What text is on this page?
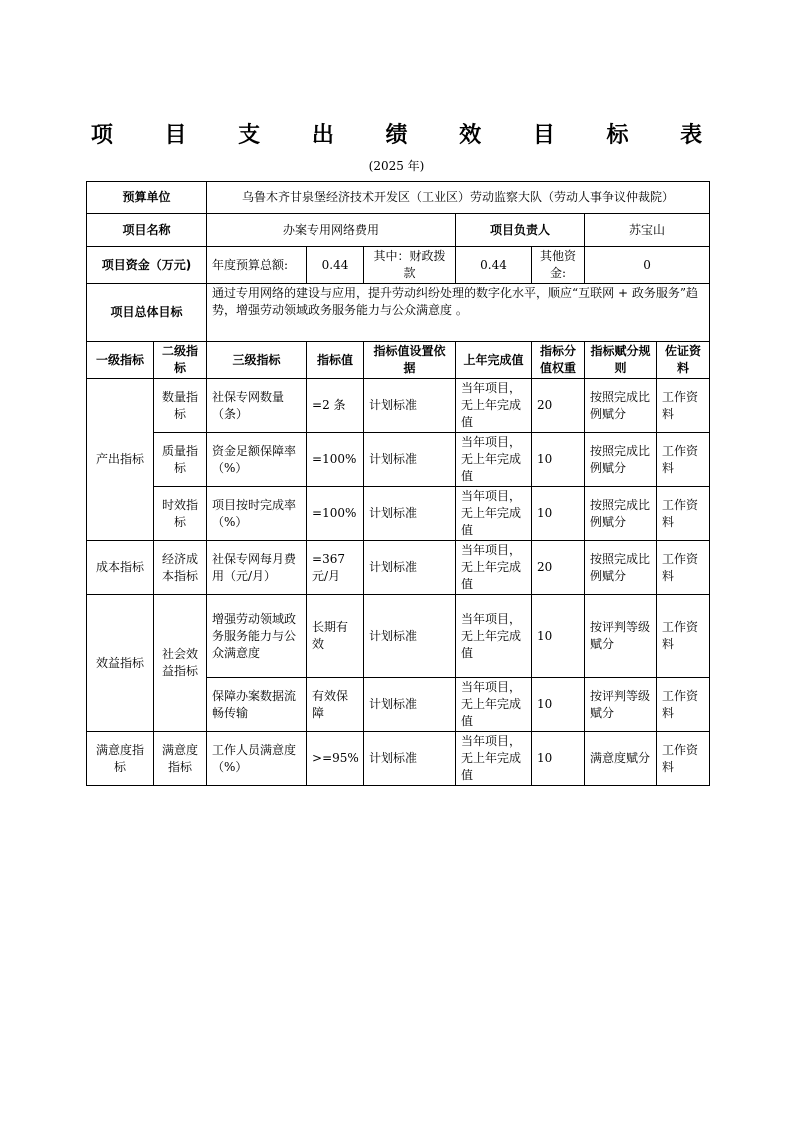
项 目 支 出 绩 效 目 标 表
(2025 年)
预算单位		乌鲁木齐甘泉堡经济技术开发区（工业区）劳动监察大队（劳动人事争议仲裁院）						
项目名称		办案专用网络费用			项目负责人		苏宝山	
项目资金（万元)		年度预算总额:	0.44	其中：财政拨款	0.44	其他资金:	0	
项目总体目标		通过专用网络的建设与应用，提升劳动纠纷处理的数字化水平，顺应“互联网 + 政务服务”趋势，增强劳动领域政务服务能力与公众满意度 。						
一级指标	二级指标	三级指标	指标值	指标值设置依据	上年完成值	指标分值权重	指标赋分规则	佐证资料
产出指标	数量指标	社保专网数量（条）	=2 条	计划标准	当年项目，无上年完成值	20	按照完成比例赋分	工作资料
	质量指标	资金足额保障率（%）	=100%	计划标准	当年项目，无上年完成值	10	按照完成比例赋分	工作资料
	时效指标	项目按时完成率（%）	=100%	计划标准	当年项目，无上年完成值	10	按照完成比例赋分	工作资料
成本指标	经济成本指标	社保专网每月费用（元/月）	=367 元/月	计划标准	当年项目，无上年完成值	20	按照完成比例赋分	工作资料
效益指标	社会效益指标	增强劳动领域政务服务能力与公众满意度	长期有效	计划标准	当年项目，无上年完成值	10	按评判等级赋分	工作资料
		保障办案数据流畅传输	有效保障	计划标准	当年项目，无上年完成值	10	按评判等级赋分	工作资料
满意度指标	满意度指标	工作人员满意度（%）	>=95%	计划标准	当年项目，无上年完成值	10	满意度赋分	工作资料
